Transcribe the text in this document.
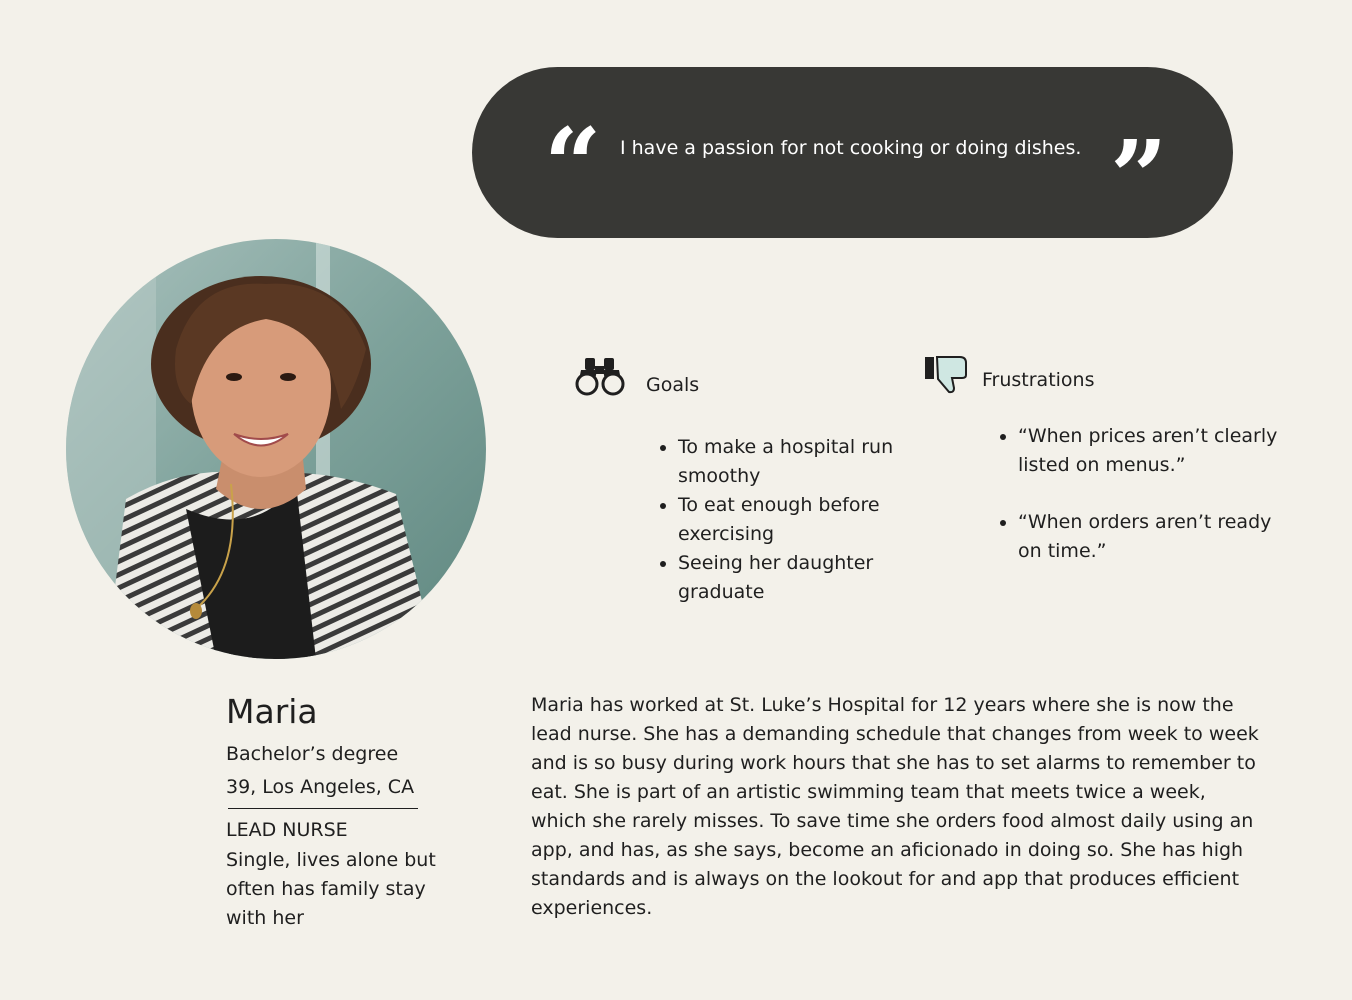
“ I have a passion for not cooking or doing dishes. ”

Goals
• To make a hospital run smoothy
• To eat enough before exercising
• Seeing her daughter graduate
Frustrations
• “When prices aren’t clearly listed on menus.”
• “When orders aren’t ready on time.”
Maria
Bachelor’s degree
39, Los Angeles, CA
LEAD NURSE
Single, lives alone but often has family stay with her

Maria has worked at St. Luke’s Hospital for 12 years where she is now the lead nurse. She has a demanding schedule that changes from week to week and is so busy during work hours that she has to set alarms to remember to eat. She is part of an artistic swimming team that meets twice a week, which she rarely misses. To save time she orders food almost daily using an app, and has, as she says, become an aficionado in doing so. She has high standards and is always on the lookout for and app that produces efficient experiences.
